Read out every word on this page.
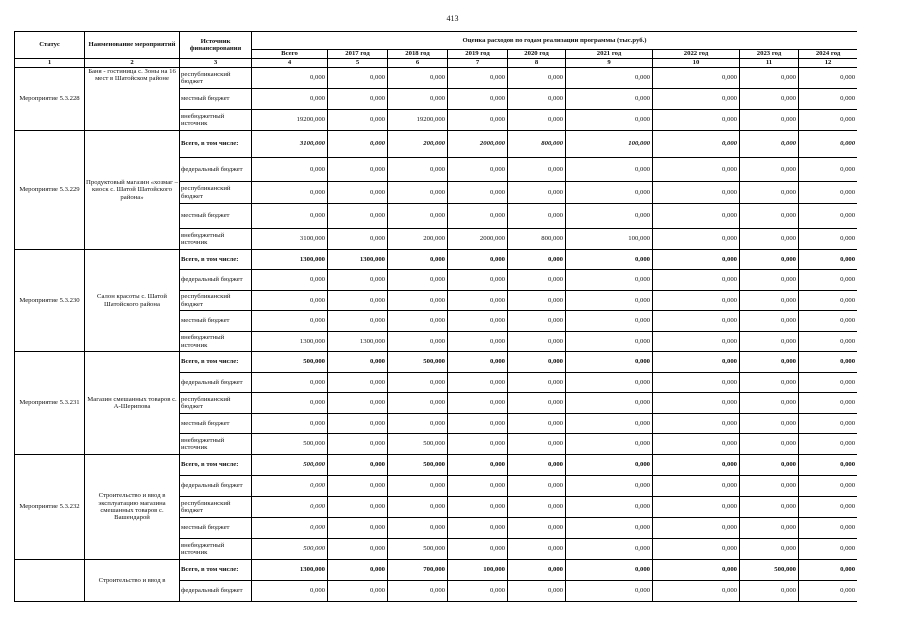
413
Статус	Наименование мероприятий	Источник финансирования	Оценка расходов по годам реализации программы (тыс.руб.)								
			Всего	2017 год	2018 год	2019 год	2020 год	2021 год	2022 год	2023 год	2024 год
1	2	3	4	5	6	7	8	9	10	11	12
Мероприятие 5.3.228	Баня - гостиница с. Зоны на 16 мест в Шатойском районе	республиканский бюджет	0,000	0,000	0,000	0,000	0,000	0,000	0,000	0,000	0,000
		местный бюджет	0,000	0,000	0,000	0,000	0,000	0,000	0,000	0,000	0,000
		внебюджетный источник	19200,000	0,000	19200,000	0,000	0,000	0,000	0,000	0,000	0,000
Мероприятие 5.3.229	Продуктовый магазин «хозмаг – киоск с. Шатой Шатойского района»	Всего, в том числе:	3100,000	0,000	200,000	2000,000	800,000	100,000	0,000	0,000	0,000
		федеральный бюджет	0,000	0,000	0,000	0,000	0,000	0,000	0,000	0,000	0,000
		республиканский бюджет	0,000	0,000	0,000	0,000	0,000	0,000	0,000	0,000	0,000
		местный бюджет	0,000	0,000	0,000	0,000	0,000	0,000	0,000	0,000	0,000
		внебюджетный источник	3100,000	0,000	200,000	2000,000	800,000	100,000	0,000	0,000	0,000
Мероприятие 5.3.230	Салон красоты с. Шатой Шатойского района	Всего, в том числе:	1300,000	1300,000	0,000	0,000	0,000	0,000	0,000	0,000	0,000
		федеральный бюджет	0,000	0,000	0,000	0,000	0,000	0,000	0,000	0,000	0,000
		республиканский бюджет	0,000	0,000	0,000	0,000	0,000	0,000	0,000	0,000	0,000
		местный бюджет	0,000	0,000	0,000	0,000	0,000	0,000	0,000	0,000	0,000
		внебюджетный источник	1300,000	1300,000	0,000	0,000	0,000	0,000	0,000	0,000	0,000
Мероприятие 5.3.231	Магазин смешанных товаров с. А-Шерипова	Всего, в том числе:	500,000	0,000	500,000	0,000	0,000	0,000	0,000	0,000	0,000
		федеральный бюджет	0,000	0,000	0,000	0,000	0,000	0,000	0,000	0,000	0,000
		республиканский бюджет	0,000	0,000	0,000	0,000	0,000	0,000	0,000	0,000	0,000
		местный бюджет	0,000	0,000	0,000	0,000	0,000	0,000	0,000	0,000	0,000
		внебюджетный источник	500,000	0,000	500,000	0,000	0,000	0,000	0,000	0,000	0,000
Мероприятие 5.3.232	Строительство и ввод в эксплуатацию магазина смешанных товаров с. Вашендарой	Всего, в том числе:	500,000	0,000	500,000	0,000	0,000	0,000	0,000	0,000	0,000
		федеральный бюджет	0,000	0,000	0,000	0,000	0,000	0,000	0,000	0,000	0,000
		республиканский бюджет	0,000	0,000	0,000	0,000	0,000	0,000	0,000	0,000	0,000
		местный бюджет	0,000	0,000	0,000	0,000	0,000	0,000	0,000	0,000	0,000
		внебюджетный источник	500,000	0,000	500,000	0,000	0,000	0,000	0,000	0,000	0,000
	Строительство и ввод в	Всего, в том числе:	1300,000	0,000	700,000	100,000	0,000	0,000	0,000	500,000	0,000
		федеральный бюджет	0,000	0,000	0,000	0,000	0,000	0,000	0,000	0,000	0,000
